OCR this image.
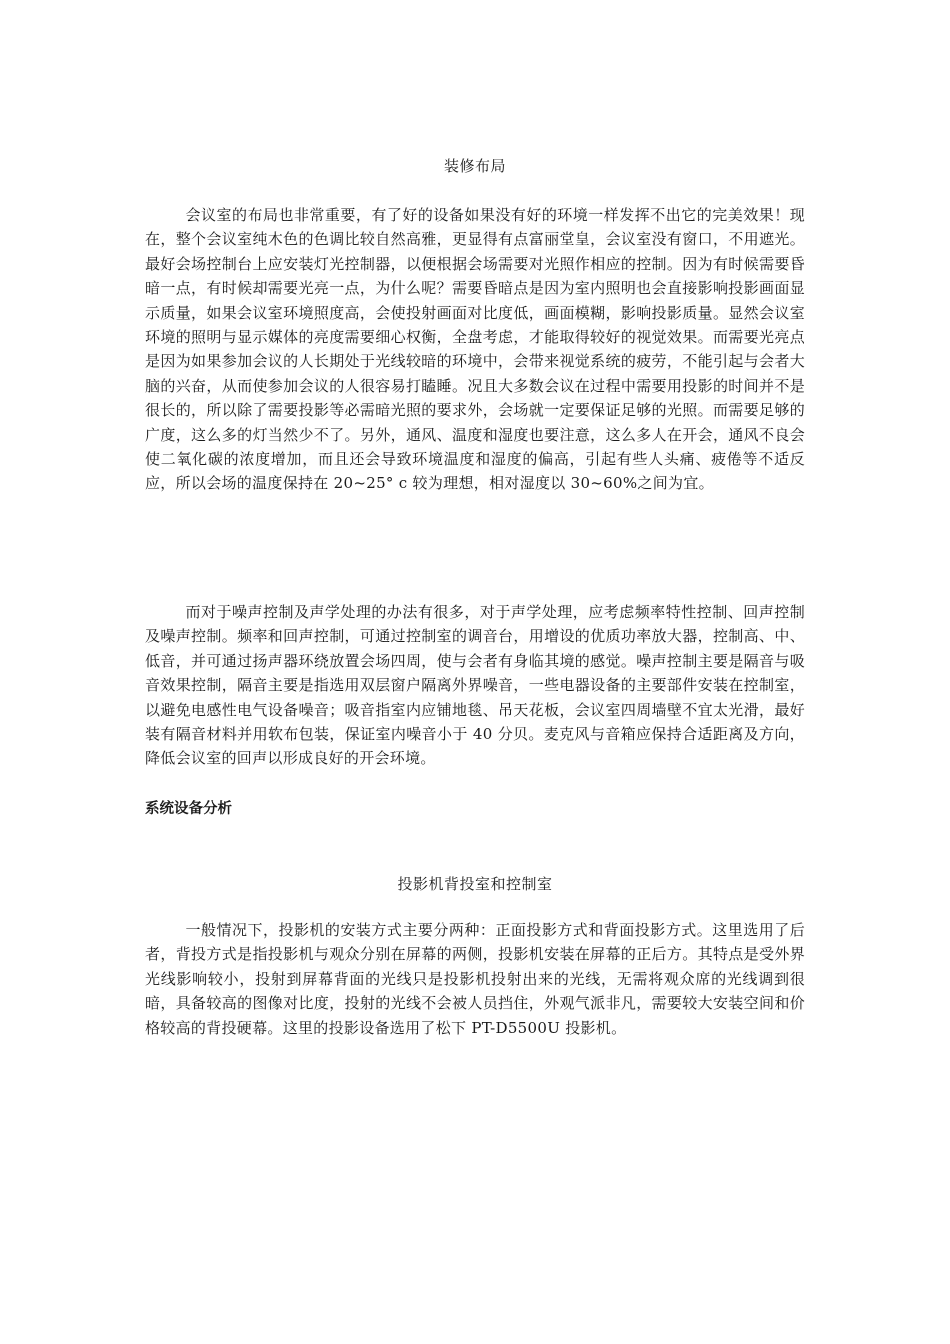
装修布局

会议室的布局也非常重要，有了好的设备如果没有好的环境一样发挥不出它的完美效果！现在，整个会议室纯木色的色调比较自然高雅，更显得有点富丽堂皇，会议室没有窗口，不用遮光。最好会场控制台上应安装灯光控制器，以便根据会场需要对光照作相应的控制。因为有时候需要昏暗一点，有时候却需要光亮一点，为什么呢？需要昏暗点是因为室内照明也会直接影响投影画面显示质量，如果会议室环境照度高，会使投射画面对比度低，画面模糊，影响投影质量。显然会议室环境的照明与显示媒体的亮度需要细心权衡，全盘考虑，才能取得较好的视觉效果。而需要光亮点是因为如果参加会议的人长期处于光线较暗的环境中，会带来视觉系统的疲劳，不能引起与会者大脑的兴奋，从而使参加会议的人很容易打瞌睡。况且大多数会议在过程中需要用投影的时间并不是很长的，所以除了需要投影等必需暗光照的要求外，会场就一定要保证足够的光照。而需要足够的广度，这么多的灯当然少不了。另外，通风、温度和湿度也要注意，这么多人在开会，通风不良会使二氧化碳的浓度增加，而且还会导致环境温度和湿度的偏高，引起有些人头痛、疲倦等不适反应，所以会场的温度保持在 20~25° c 较为理想，相对湿度以 30~60%之间为宜。

而对于噪声控制及声学处理的办法有很多，对于声学处理，应考虑频率特性控制、回声控制及噪声控制。频率和回声控制，可通过控制室的调音台，用增设的优质功率放大器，控制高、中、低音，并可通过扬声器环绕放置会场四周，使与会者有身临其境的感觉。噪声控制主要是隔音与吸音效果控制，隔音主要是指选用双层窗户隔离外界噪音，一些电器设备的主要部件安装在控制室，以避免电感性电气设备噪音；吸音指室内应铺地毯、吊天花板，会议室四周墙壁不宜太光滑，最好装有隔音材料并用软布包装，保证室内噪音小于 40 分贝。麦克风与音箱应保持合适距离及方向，降低会议室的回声以形成良好的开会环境。

系统设备分析
投影机背投室和控制室

一般情况下，投影机的安装方式主要分两种：正面投影方式和背面投影方式。这里选用了后者，背投方式是指投影机与观众分别在屏幕的两侧，投影机安装在屏幕的正后方。其特点是受外界光线影响较小，投射到屏幕背面的光线只是投影机投射出来的光线，无需将观众席的光线调到很暗，具备较高的图像对比度，投射的光线不会被人员挡住，外观气派非凡，需要较大安装空间和价格较高的背投硬幕。这里的投影设备选用了松下 PT-D5500U 投影机。
